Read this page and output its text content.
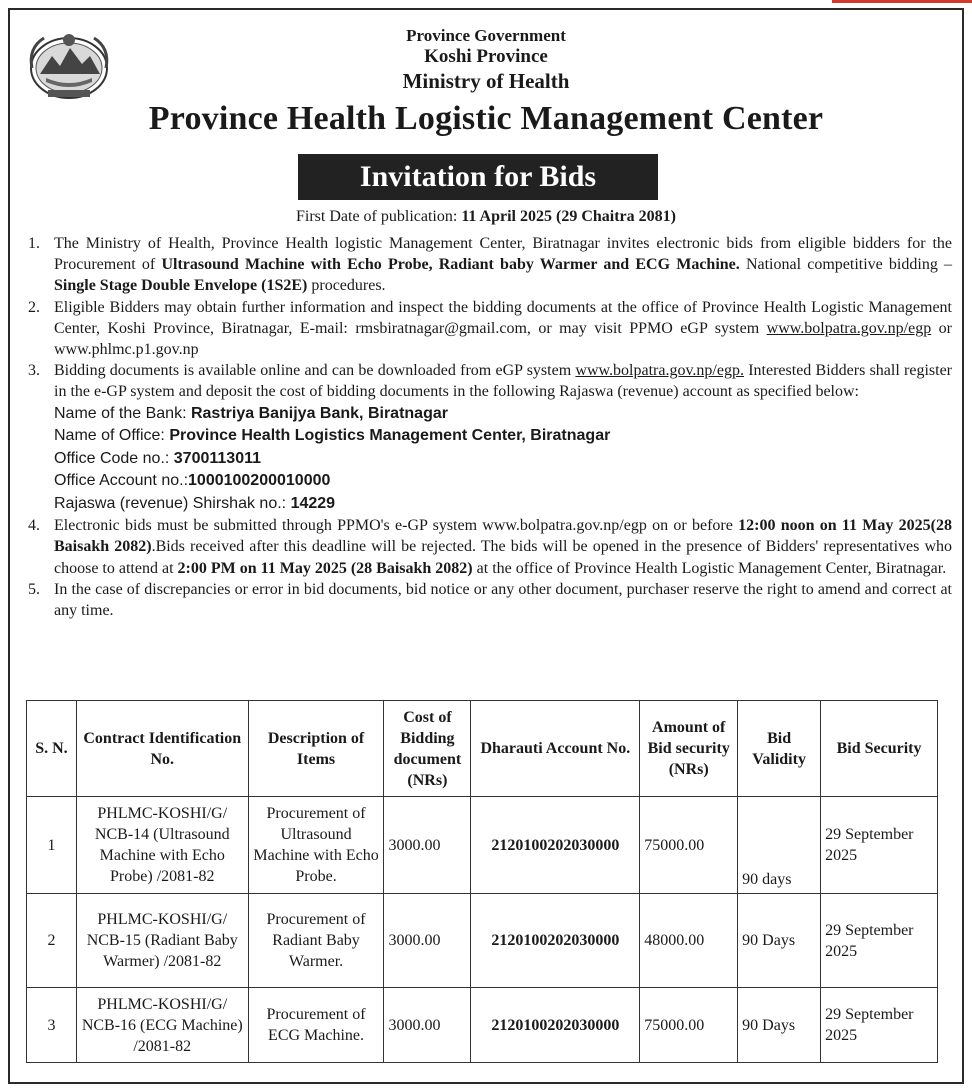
Province Government
Koshi Province
Ministry of Health
Province Health Logistic Management Center
Invitation for Bids
First Date of publication: 11 April 2025 (29 Chaitra 2081)
1. The Ministry of Health, Province Health logistic Management Center, Biratnagar invites electronic bids from eligible bidders for the Procurement of Ultrasound Machine with Echo Probe, Radiant baby Warmer and ECG Machine. National competitive bidding – Single Stage Double Envelope (1S2E) procedures.
2. Eligible Bidders may obtain further information and inspect the bidding documents at the office of Province Health Logistic Management Center, Koshi Province, Biratnagar, E-mail: rmsbiratnagar@gmail.com, or may visit PPMO eGP system www.bolpatra.gov.np/egp or www.phlmc.p1.gov.np
3. Bidding documents is available online and can be downloaded from eGP system www.bolpatra.gov.np/egp. Interested Bidders shall register in the e-GP system and deposit the cost of bidding documents in the following Rajaswa (revenue) account as specified below:
Name of the Bank: Rastriya Banijya Bank, Biratnagar
Name of Office: Province Health Logistics Management Center, Biratnagar
Office Code no.: 3700113011
Office Account no.:1000100200010000
Rajaswa (revenue) Shirshak no.: 14229
4. Electronic bids must be submitted through PPMO's e-GP system www.bolpatra.gov.np/egp on or before 12:00 noon on 11 May 2025(28 Baisakh 2082).Bids received after this deadline will be rejected. The bids will be opened in the presence of Bidders' representatives who choose to attend at 2:00 PM on 11 May 2025 (28 Baisakh 2082) at the office of Province Health Logistic Management Center, Biratnagar.
5. In the case of discrepancies or error in bid documents, bid notice or any other document, purchaser reserve the right to amend and correct at any time.
S. N.	Contract Identification No.	Description of Items	Cost of Bidding document (NRs)	Dharauti Account No.	Amount of Bid security (NRs)	Bid Validity	Bid Security
1	PHLMC-KOSHI/G/ NCB-14 (Ultrasound Machine with Echo Probe) /2081-82	Procurement of Ultrasound Machine with Echo Probe.	3000.00	2120100202030000	75000.00	90 days	29 September 2025
2	PHLMC-KOSHI/G/ NCB-15 (Radiant Baby Warmer) /2081-82	Procurement of Radiant Baby Warmer.	3000.00	2120100202030000	48000.00	90 Days	29 September 2025
3	PHLMC-KOSHI/G/ NCB-16 (ECG Machine) /2081-82	Procurement of ECG Machine.	3000.00	2120100202030000	75000.00	90 Days	29 September 2025
